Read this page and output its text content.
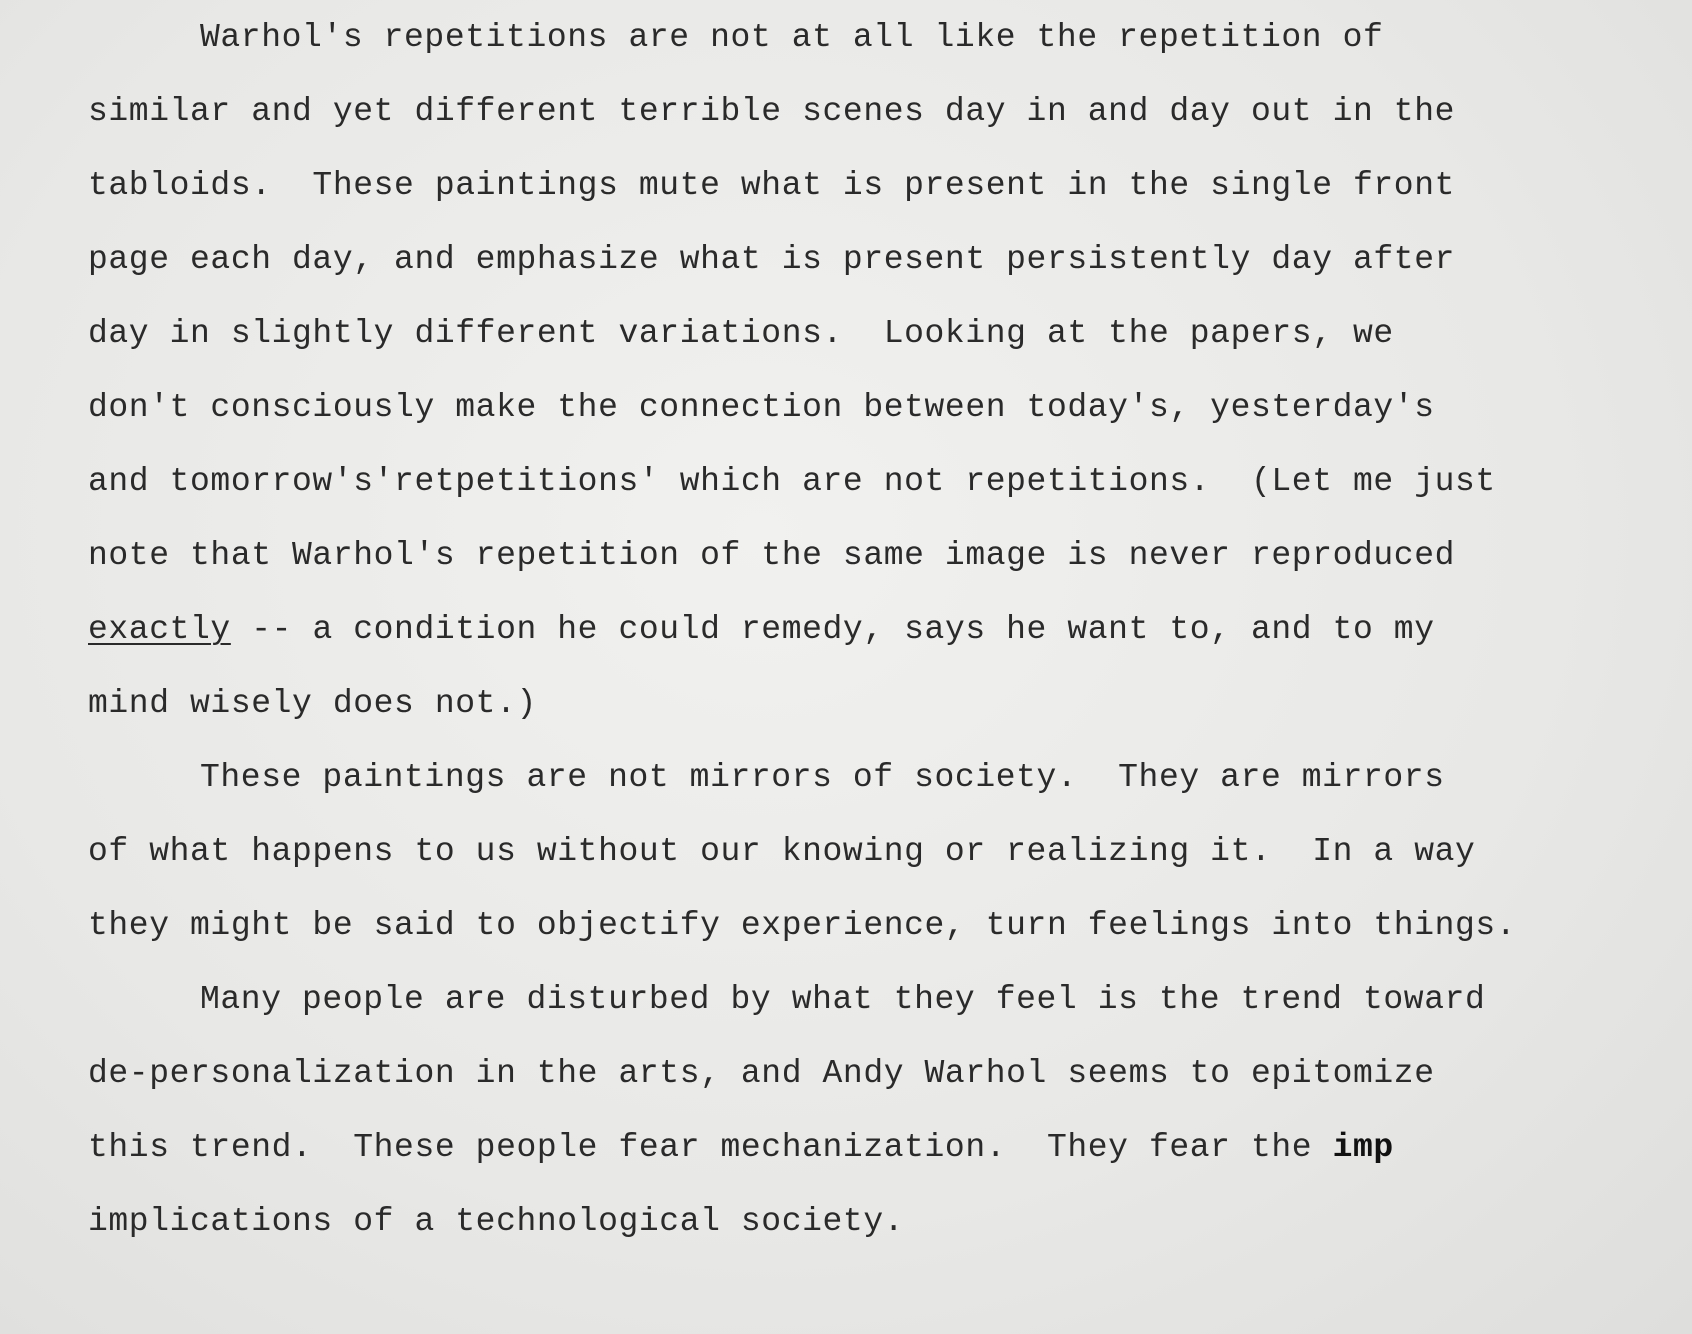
Warhol's repetitions are not at all like the repetition of
similar and yet different terrible scenes day in and day out in the
tabloids.  These paintings mute what is present in the single front
page each day, and emphasize what is present persistently day after
day in slightly different variations.  Looking at the papers, we
don't consciously make the connection between today's, yesterday's
and tomorrow's'retpetitions' which are not repetitions.  (Let me just
note that Warhol's repetition of the same image is never reproduced
exactly -- a condition he could remedy, says he want to, and to my
mind wisely does not.)
These paintings are not mirrors of society.  They are mirrors
of what happens to us without our knowing or realizing it.  In a way
they might be said to objectify experience, turn feelings into things.
Many people are disturbed by what they feel is the trend toward
de-personalization in the arts, and Andy Warhol seems to epitomize
this trend.  These people fear mechanization.  They fear the imp
implications of a technological society.
